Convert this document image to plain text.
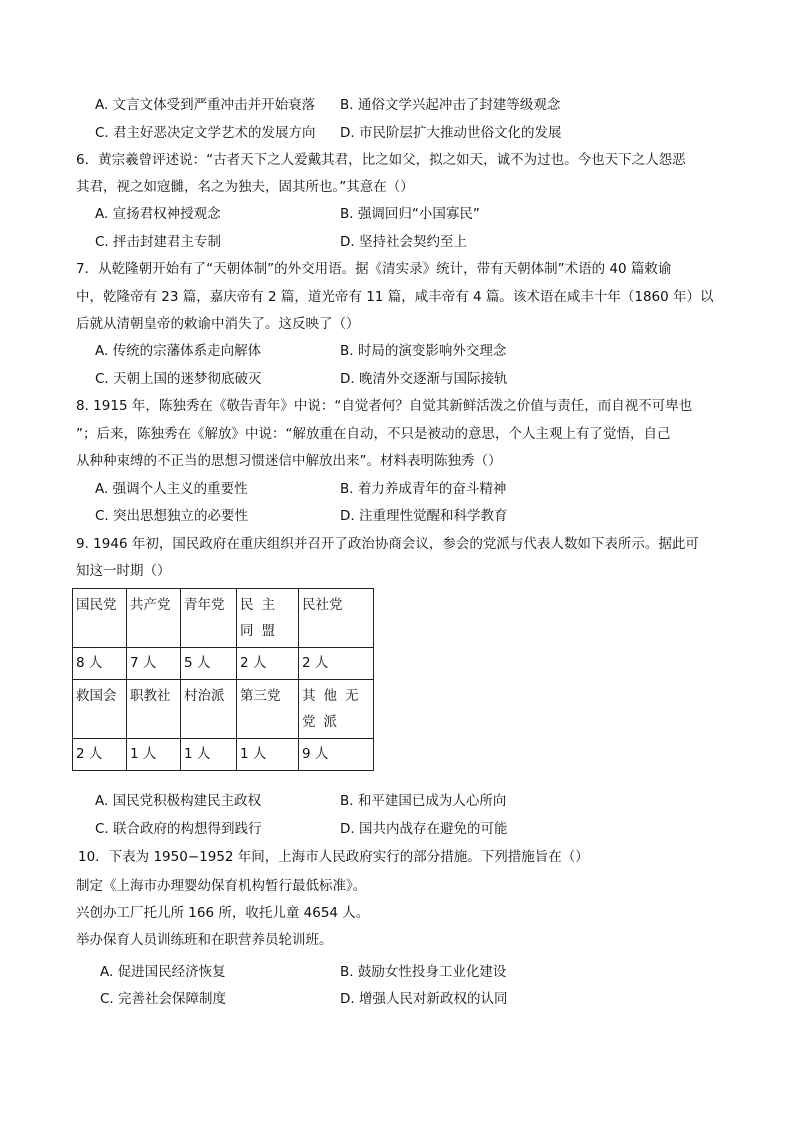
A. 文言文体受到严重冲击并开始衰落 B. 通俗文学兴起冲击了封建等级观念
C. 君主好恶决定文学艺术的发展方向 D. 市民阶层扩大推动世俗文化的发展
6．黄宗羲曾评述说：“古者天下之人爱戴其君，比之如父，拟之如天，诚不为过也。今也天下之人怨恶
其君，视之如寇雠，名之为独夫，固其所也。”其意在（）
A. 宣扬君权神授观念	B. 强调回归“小国寡民”
C. 抨击封建君主专制	D. 坚持社会契约至上
7．从乾隆朝开始有了“天朝体制”的外交用语。据《清实录》统计，带有天朝体制”术语的 40 篇敕谕
中，乾隆帝有 23 篇，嘉庆帝有 2 篇，道光帝有 11 篇，咸丰帝有 4 篇。该术语在咸丰十年（1860 年）以
后就从清朝皇帝的敕谕中消失了。这反映了（）
A. 传统的宗藩体系走向解体	B. 时局的演变影响外交理念
C. 天朝上国的迷梦彻底破灭	D. 晚清外交逐渐与国际接轨
8. 1915 年，陈独秀在《敬告青年》中说：“自觉者何？自觉其新鲜活泼之价值与责任，而自视不可卑也
”；后来，陈独秀在《解放》中说：“解放重在自动，不只是被动的意思，个人主观上有了觉悟，自己
从种种束缚的不正当的思想习惯迷信中解放出来”。材料表明陈独秀（）
A. 强调个人主义的重要性	B. 着力养成青年的奋斗精神
C. 突出思想独立的必要性	D. 注重理性觉醒和科学教育
9. 1946 年初，国民政府在重庆组织并召开了政治协商会议，参会的党派与代表人数如下表所示。据此可
知这一时期（）
国民党	共产党	青年党	民主同盟	民社党
8 人	7 人	5 人	2 人	2 人
救国会	职教社	村治派	第三党	其他无党派
2 人	1 人	1 人	1 人	9 人
A. 国民党积极构建民主政权	B. 和平建国已成为人心所向
C. 联合政府的构想得到践行	D. 国共内战存在避免的可能
10．下表为 1950−1952 年间，上海市人民政府实行的部分措施。下列措施旨在（）
制定《上海市办理婴幼保育机构暂行最低标准》。
兴创办工厂托儿所 166 所，收托儿童 4654 人。
举办保育人员训练班和在职营养员轮训班。
A. 促进国民经济恢复	B. 鼓励女性投身工业化建设
C. 完善社会保障制度	D. 增强人民对新政权的认同
